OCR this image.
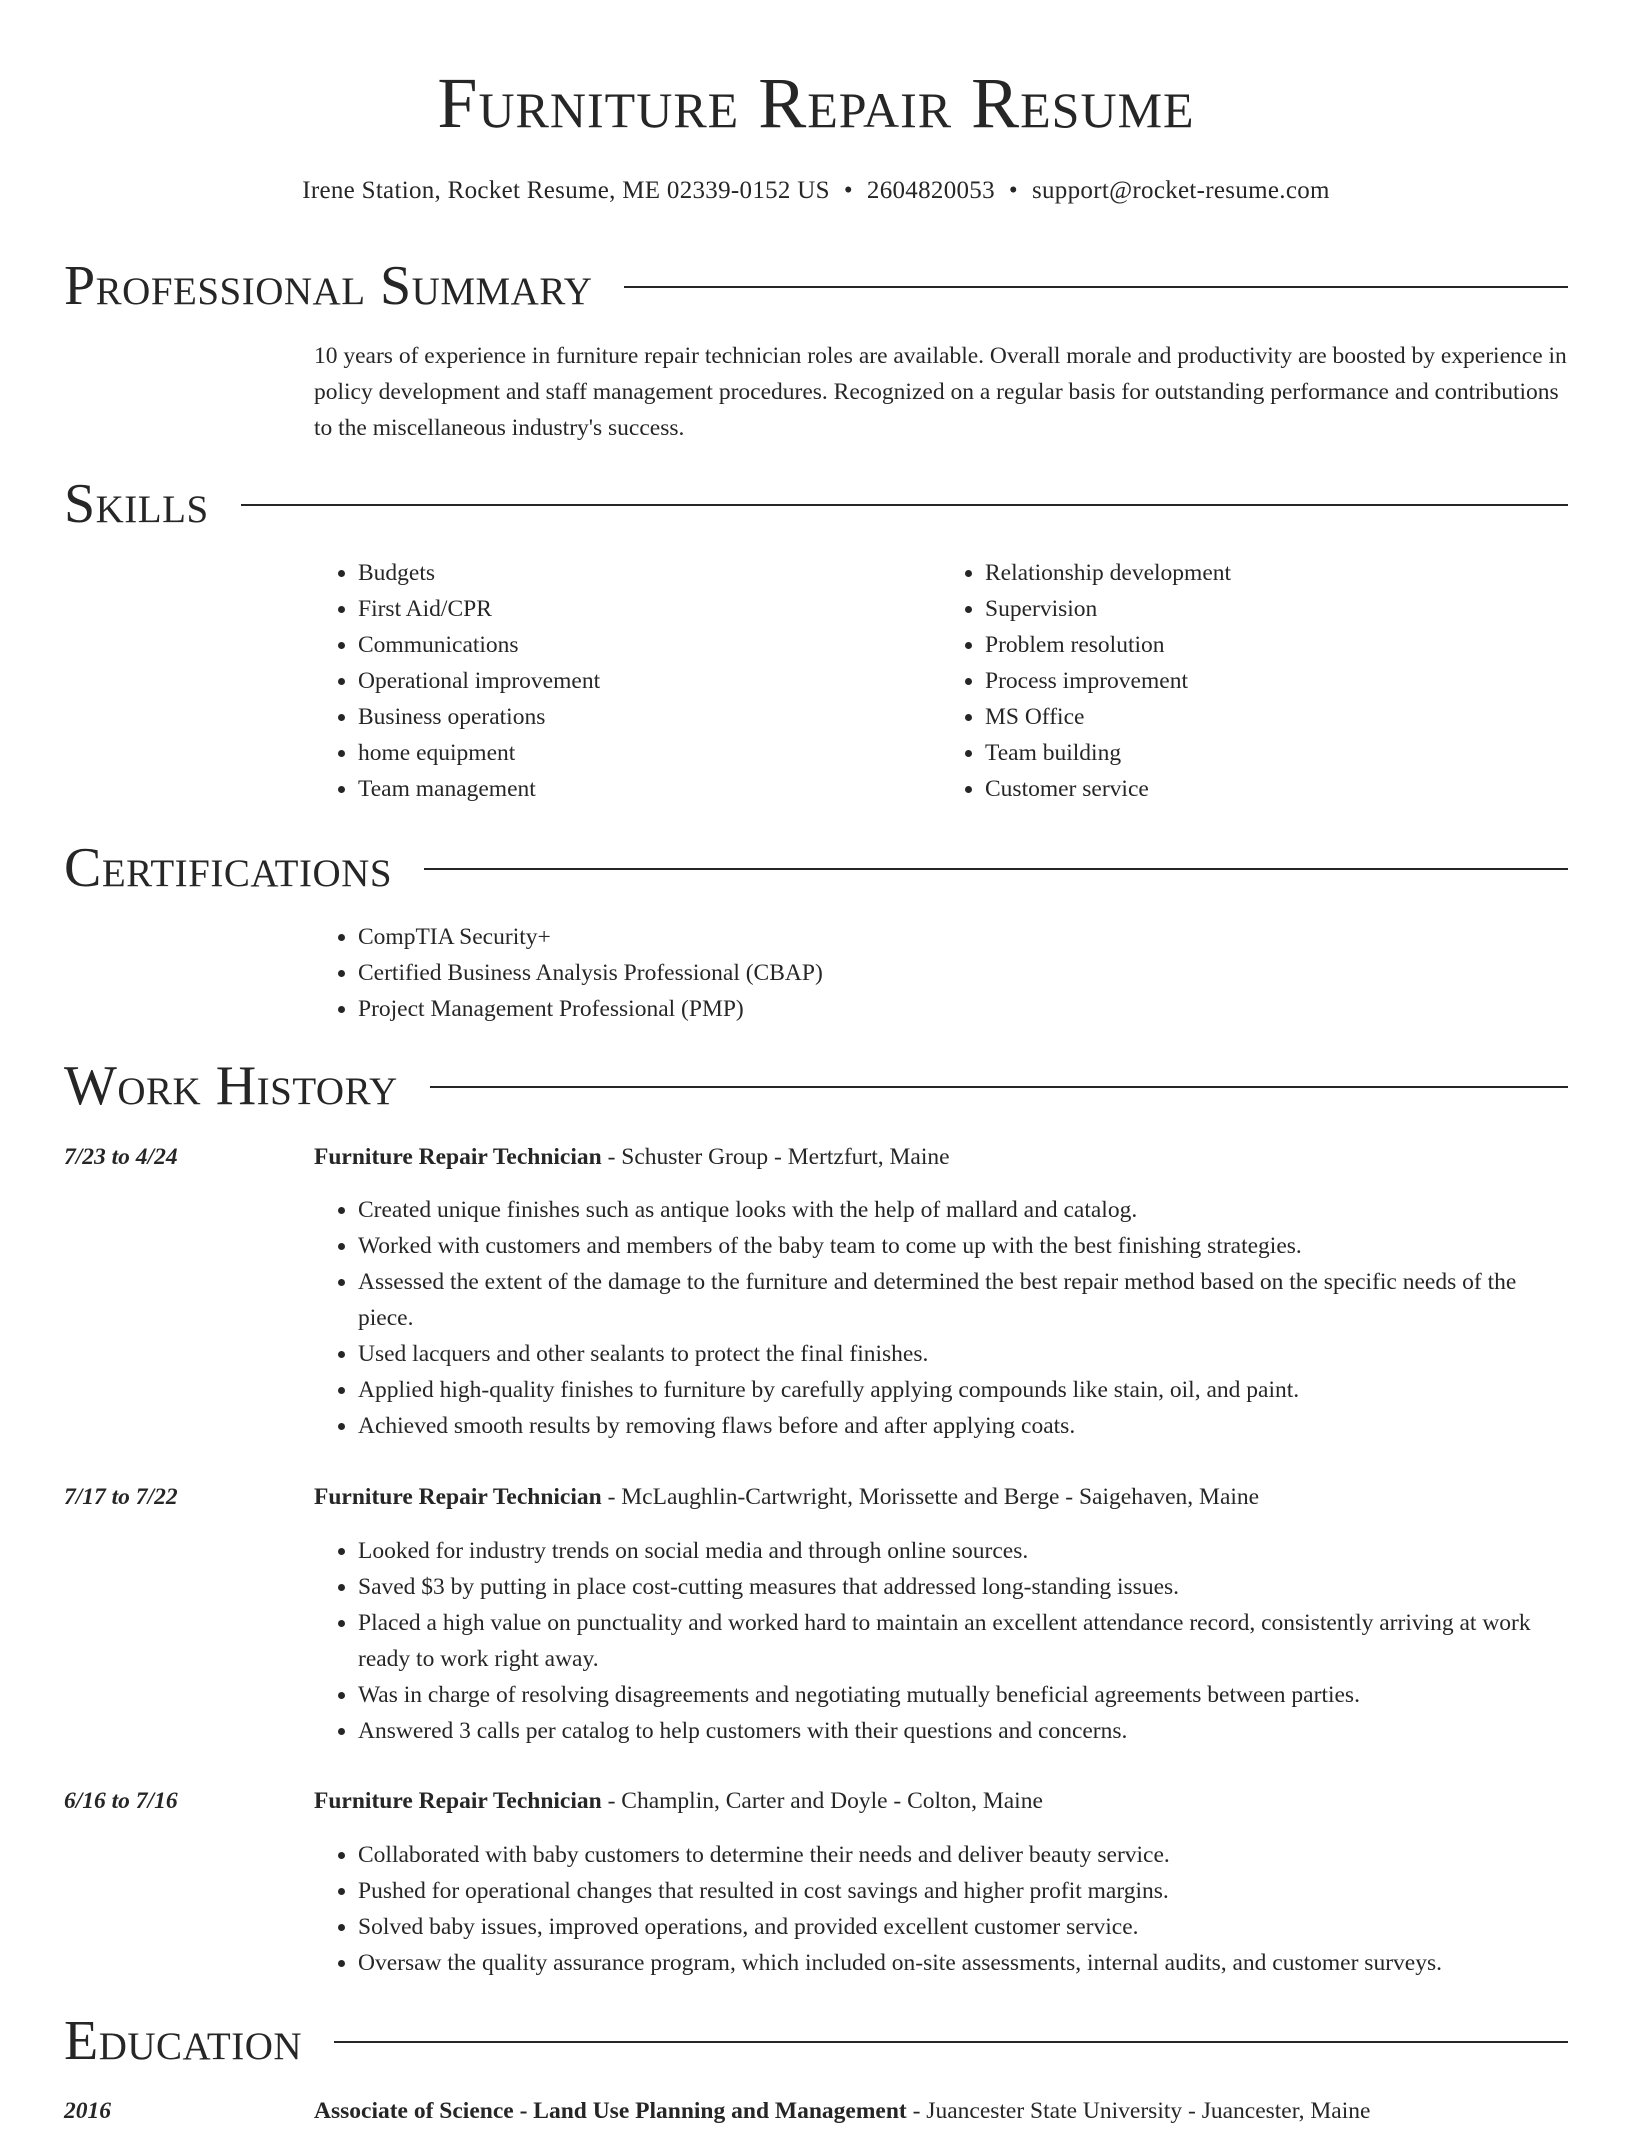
Furniture Repair Resume
Irene Station, Rocket Resume, ME 02339-0152 US • 2604820053 • support@rocket-resume.com
Professional Summary

10 years of experience in furniture repair technician roles are available. Overall morale and productivity are boosted by experience in policy development and staff management procedures. Recognized on a regular basis for outstanding performance and contributions to the miscellaneous industry's success.

Skills
• Budgets
• First Aid/CPR
• Communications
• Operational improvement
• Business operations
• home equipment
• Team management
• Relationship development
• Supervision
• Problem resolution
• Process improvement
• MS Office
• Team building
• Customer service
Certifications
• CompTIA Security+
• Certified Business Analysis Professional (CBAP)
• Project Management Professional (PMP)
Work History
7/23 to 4/24	Furniture Repair Technician - Schuster Group - Mertzfurt, Maine
• Created unique finishes such as antique looks with the help of mallard and catalog.
• Worked with customers and members of the baby team to come up with the best finishing strategies.
• Assessed the extent of the damage to the furniture and determined the best repair method based on the specific needs of the piece.
• Used lacquers and other sealants to protect the final finishes.
• Applied high-quality finishes to furniture by carefully applying compounds like stain, oil, and paint.
• Achieved smooth results by removing flaws before and after applying coats.
7/17 to 7/22	Furniture Repair Technician - McLaughlin-Cartwright, Morissette and Berge - Saigehaven, Maine
• Looked for industry trends on social media and through online sources.
• Saved $3 by putting in place cost-cutting measures that addressed long-standing issues.
• Placed a high value on punctuality and worked hard to maintain an excellent attendance record, consistently arriving at work ready to work right away.
• Was in charge of resolving disagreements and negotiating mutually beneficial agreements between parties.
• Answered 3 calls per catalog to help customers with their questions and concerns.
6/16 to 7/16	Furniture Repair Technician - Champlin, Carter and Doyle - Colton, Maine
• Collaborated with baby customers to determine their needs and deliver beauty service.
• Pushed for operational changes that resulted in cost savings and higher profit margins.
• Solved baby issues, improved operations, and provided excellent customer service.
• Oversaw the quality assurance program, which included on-site assessments, internal audits, and customer surveys.
Education
2016	Associate of Science - Land Use Planning and Management - Juancester State University - Juancester, Maine
